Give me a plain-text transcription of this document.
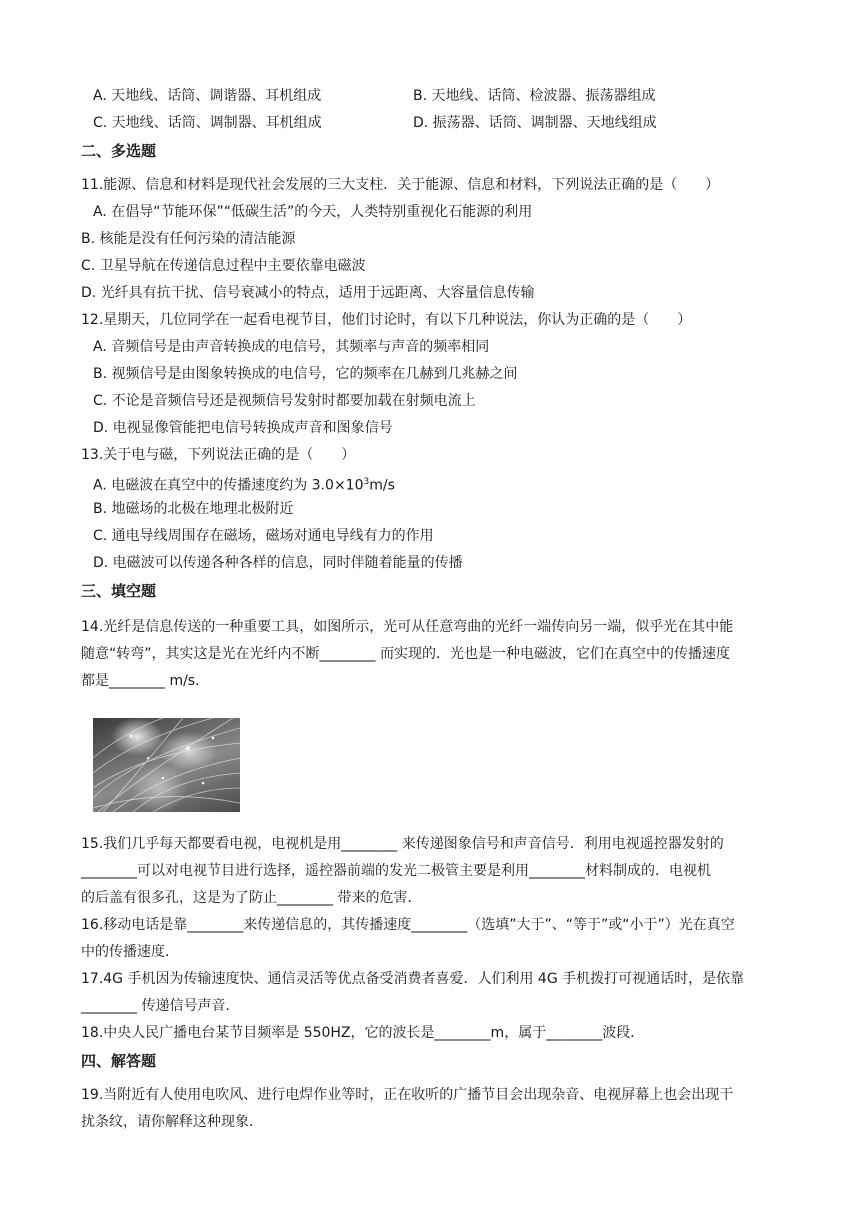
A. 天地线、话筒、调谐器、耳机组成	B. 天地线、话筒、检波器、振荡器组成
C. 天地线、话筒、调制器、耳机组成	D. 振荡器、话筒、调制器、天地线组成
二、多选题
11.能源、信息和材料是现代社会发展的三大支柱．关于能源、信息和材料，下列说法正确的是（　　）
A. 在倡导“节能环保”“低碳生活”的今天，人类特别重视化石能源的利用
B. 核能是没有任何污染的清洁能源
C. 卫星导航在传递信息过程中主要依靠电磁波
D. 光纤具有抗干扰、信号衰减小的特点，适用于远距离、大容量信息传输
12.星期天，几位同学在一起看电视节目，他们讨论时，有以下几种说法，你认为正确的是（　　）
A. 音频信号是由声音转换成的电信号，其频率与声音的频率相同
B. 视频信号是由图象转换成的电信号，它的频率在几赫到几兆赫之间
C. 不论是音频信号还是视频信号发射时都要加载在射频电流上
D. 电视显像管能把电信号转换成声音和图象信号
13.关于电与磁，下列说法正确的是（　　）
A. 电磁波在真空中的传播速度约为 $3.0\times 10^3m/s$
B. 地磁场的北极在地理北极附近
C. 通电导线周围存在磁场，磁场对通电导线有力的作用
D. 电磁波可以传递各种各样的信息，同时伴随着能量的传播
三、填空题
14.光纤是信息传送的一种重要工具，如图所示，光可从任意弯曲的光纤一端传向另一端，似乎光在其中能
随意“转弯”，其实这是光在光纤内不断________ 而实现的．光也是一种电磁波，它们在真空中的传播速度
都是________ m/s．
15.我们几乎每天都要看电视，电视机是用________ 来传递图象信号和声音信号．利用电视遥控器发射的
________可以对电视节目进行选择，遥控器前端的发光二极管主要是利用________材料制成的．电视机
的后盖有很多孔，这是为了防止________ 带来的危害．
16.移动电话是靠________来传递信息的，其传播速度________（选填”大于”、“等于”或“小于”）光在真空
中的传播速度．
17.4G 手机因为传输速度快、通信灵活等优点备受消费者喜爱．人们利用 4G 手机拨打可视通话时，是依靠
________ 传递信号声音．
18.中央人民广播电台某节目频率是 550HZ，它的波长是________m，属于________波段．
四、解答题
19.当附近有人使用电吹风、进行电焊作业等时，正在收听的广播节目会出现杂音、电视屏幕上也会出现干
扰条纹，请你解释这种现象．
